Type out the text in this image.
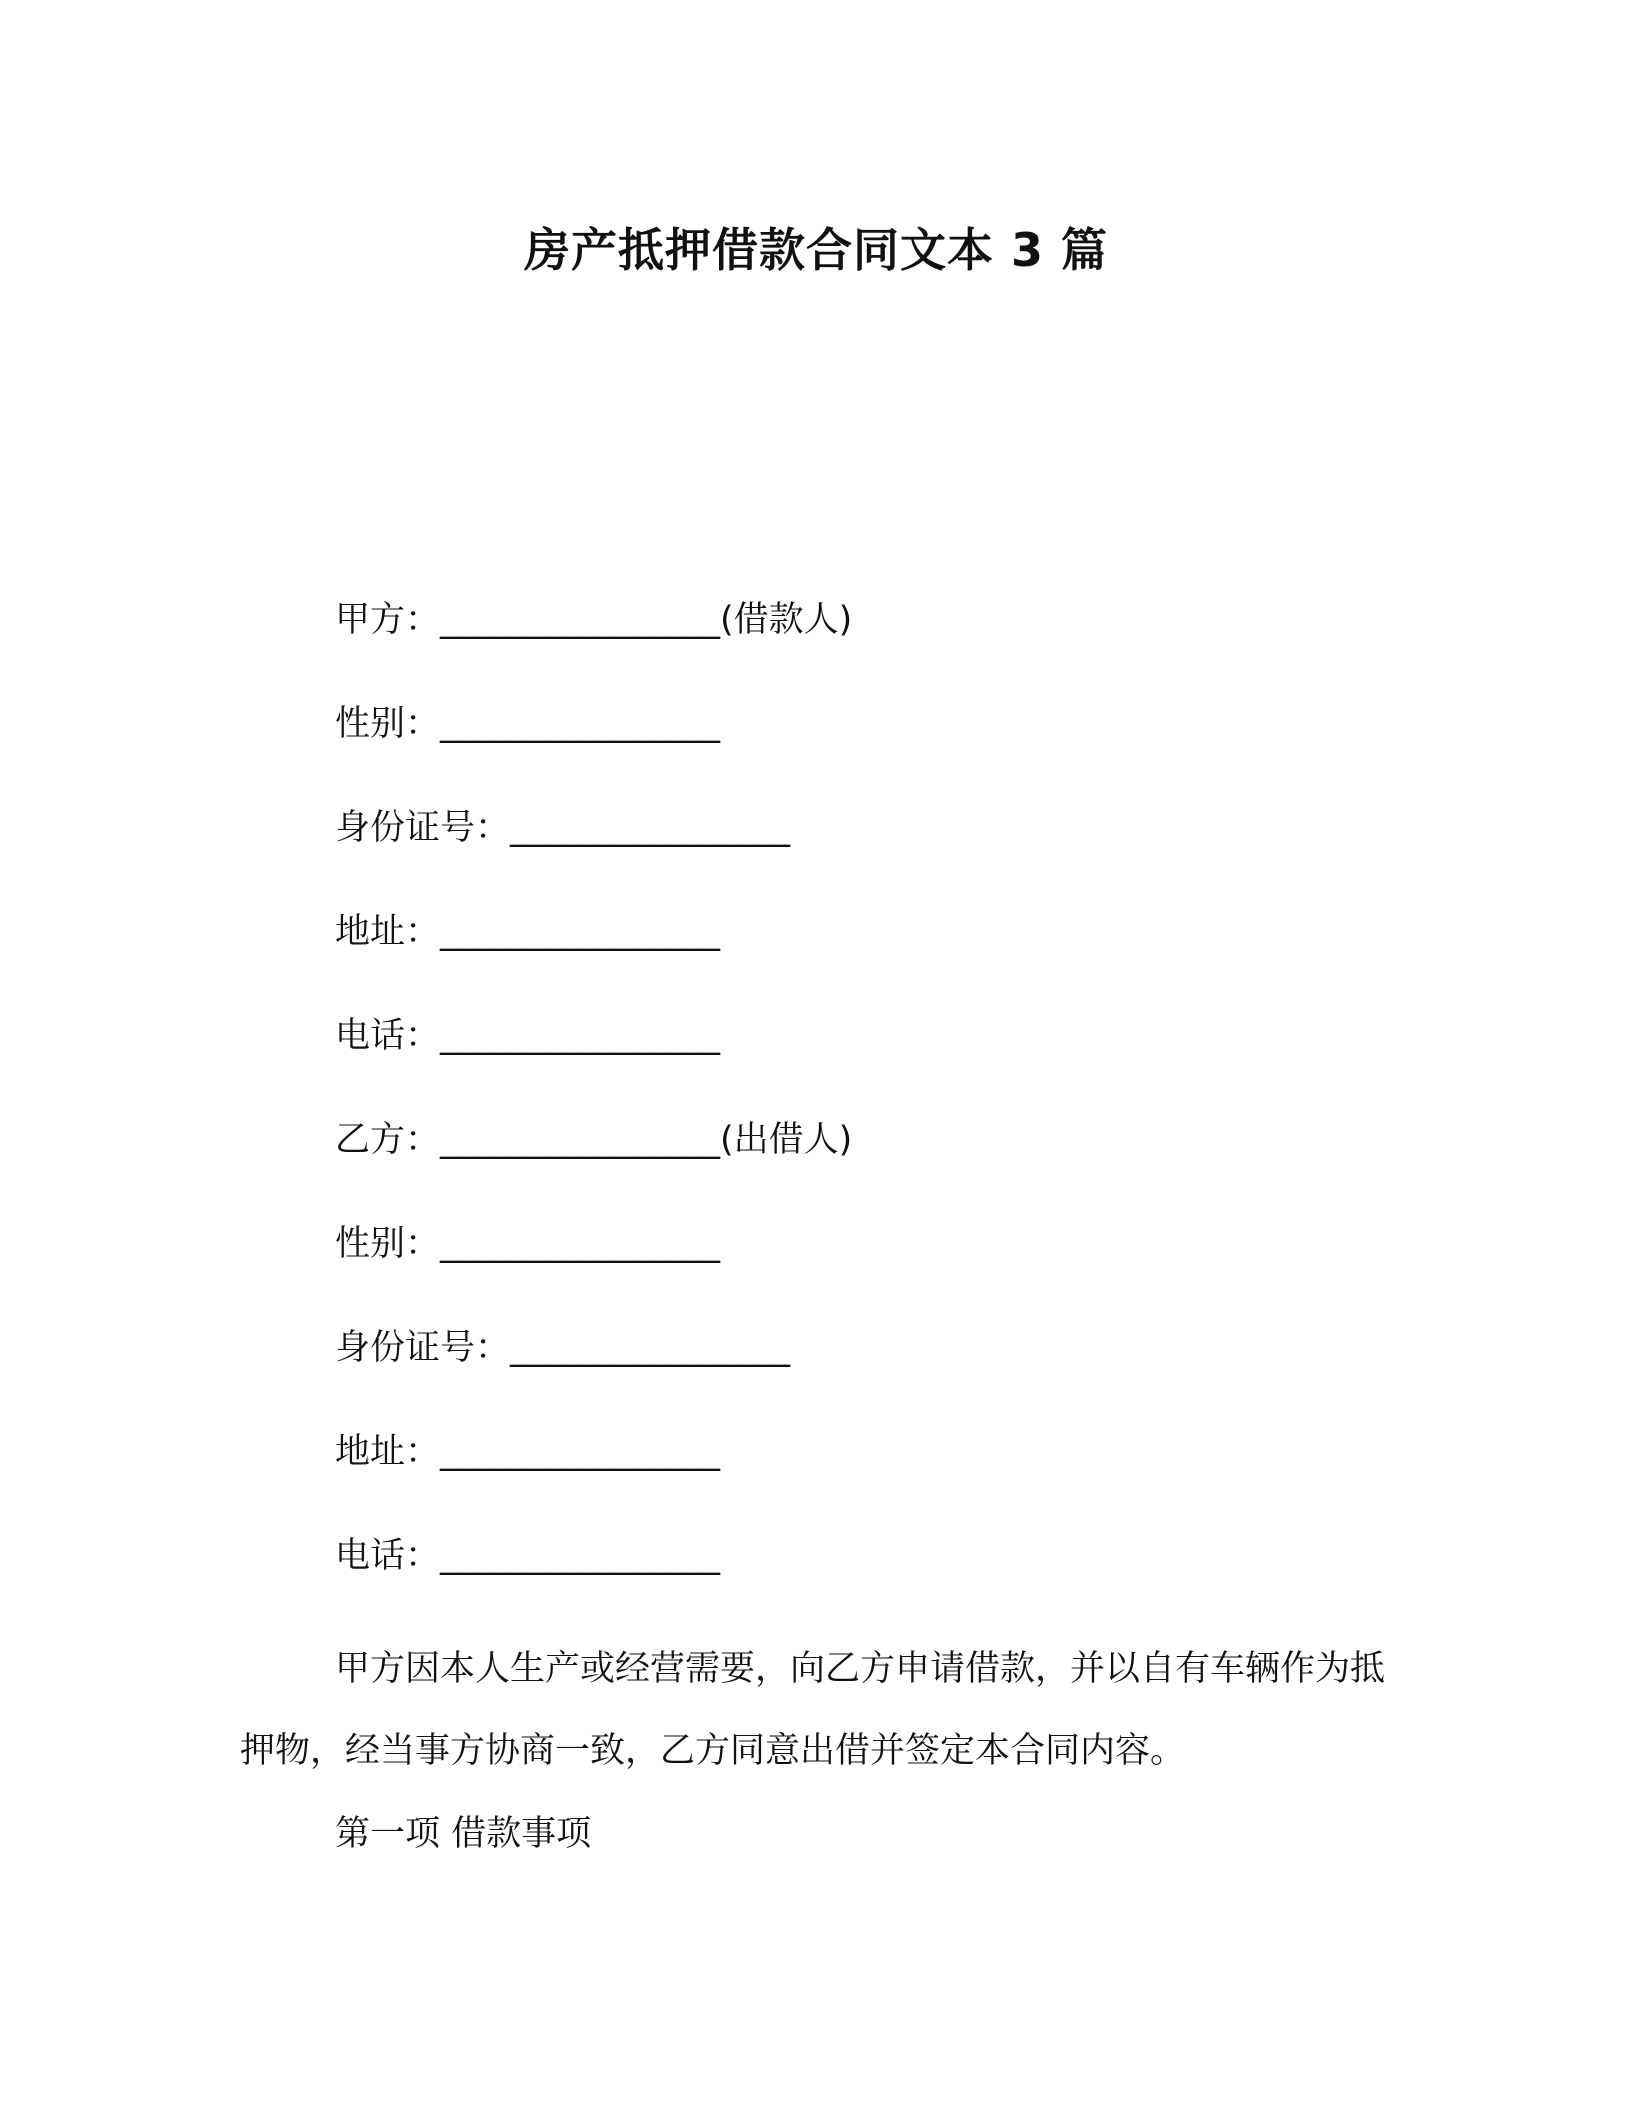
房产抵押借款合同文本 3 篇
甲方：________________(借款人)
性别：________________
身份证号：________________
地址：________________
电话：________________
乙方：________________(出借人)
性别：________________
身份证号：________________
地址：________________
电话：________________
甲方因本人生产或经营需要，向乙方申请借款，并以自有车辆作为抵押物，经当事方协商一致，乙方同意出借并签定本合同内容。
第一项 借款事项
